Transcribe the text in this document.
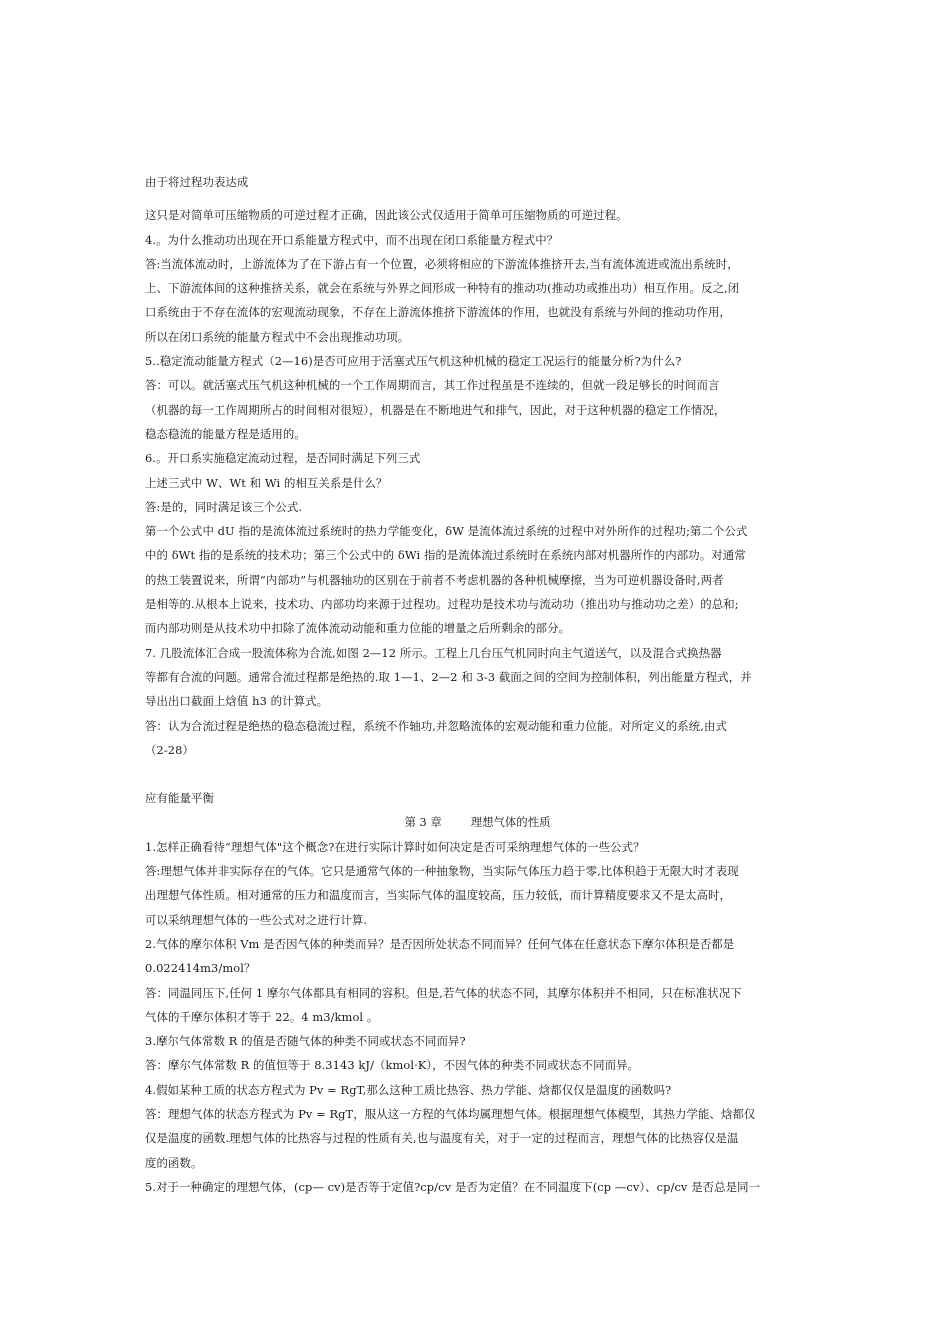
由于将过程功表达成

这只是对简单可压缩物质的可逆过程才正确，因此该公式仅适用于简单可压缩物质的可逆过程。

4.。为什么推动功出现在开口系能量方程式中，而不出现在闭口系能量方程式中？

答:当流体流动时，上游流体为了在下游占有一个位置，必须将相应的下游流体推挤开去,当有流体流进或流出系统时，

上、下游流体间的这种推挤关系，就会在系统与外界之间形成一种特有的推动功(推动功或推出功）相互作用。反之,闭

口系统由于不存在流体的宏观流动现象，不存在上游流体推挤下游流体的作用，也就没有系统与外间的推动功作用，

所以在闭口系统的能量方程式中不会出现推动功项。

5..稳定流动能量方程式（2—16)是否可应用于活塞式压气机这种机械的稳定工况运行的能量分析?为什么?

答：可以。就活塞式压气机这种机械的一个工作周期而言，其工作过程虽是不连续的，但就一段足够长的时间而言

（机器的每一工作周期所占的时间相对很短），机器是在不断地进气和排气，因此，对于这种机器的稳定工作情况，

稳态稳流的能量方程是适用的。

6.。开口系实施稳定流动过程，是否同时满足下列三式

上述三式中 W、Wt 和 Wi 的相互关系是什么？

答:是的，同时满足该三个公式.

第一个公式中 dU 指的是流体流过系统时的热力学能变化，δW 是流体流过系统的过程中对外所作的过程功;第二个公式

中的 δWt 指的是系统的技术功；第三个公式中的 δWi 指的是流体流过系统时在系统内部对机器所作的内部功。对通常

的热工装置说来，所谓“内部功”与机器轴功的区别在于前者不考虑机器的各种机械摩擦，当为可逆机器设备时,两者

是相等的.从根本上说来，技术功、内部功均来源于过程功。过程功是技术功与流动功（推出功与推动功之差）的总和;

而内部功则是从技术功中扣除了流体流动动能和重力位能的增量之后所剩余的部分。

7. 几股流体汇合成一股流体称为合流,如图 2—12 所示。工程上几台压气机同时向主气道送气，以及混合式换热器

等都有合流的问题。通常合流过程都是绝热的.取 1—1、2—2 和 3-3 截面之间的空间为控制体积，列出能量方程式，并

导出出口截面上焓值 h3 的计算式。

答：认为合流过程是绝热的稳态稳流过程，系统不作轴功,并忽略流体的宏观动能和重力位能。对所定义的系统,由式

（2-28）

应有能量平衡

第 3 章        理想气体的性质

1.怎样正确看待“理想气体"这个概念?在进行实际计算时如何决定是否可采纳理想气体的一些公式？

答:理想气体并非实际存在的气体。它只是通常气体的一种抽象物，当实际气体压力趋于零,比体积趋于无限大时才表现

出理想气体性质。相对通常的压力和温度而言，当实际气体的温度较高，压力较低，而计算精度要求又不是太高时，

可以采纳理想气体的一些公式对之进行计算.

2.气体的摩尔体积 Vm 是否因气体的种类而异？是否因所处状态不同而异？任何气体在任意状态下摩尔体积是否都是

0.022414m3/mol？

答：同温同压下,任何 1 摩尔气体都具有相同的容积。但是,若气体的状态不同，其摩尔体积并不相同，只在标准状况下

气体的千摩尔体积才等于 22。4 m3/kmol 。

3.摩尔气体常数 R 的值是否随气体的种类不同或状态不同而异?

答：摩尔气体常数 R 的值恒等于 8.3143 kJ/（kmol·K），不因气体的种类不同或状态不同而异。

4.假如某种工质的状态方程式为 Pv = RgT,那么这种工质比热容、热力学能、焓都仅仅是温度的函数吗?

答：理想气体的状态方程式为 Pv = RgT，服从这一方程的气体均属理想气体。根据理想气体模型，其热力学能、焓都仅

仅是温度的函数.理想气体的比热容与过程的性质有关,也与温度有关，对于一定的过程而言，理想气体的比热容仅是温

度的函数。

5.对于一种确定的理想气体，(cp— cv)是否等于定值?cp/cv 是否为定值？在不同温度下(cp —cv）、cp/cv 是否总是同一
